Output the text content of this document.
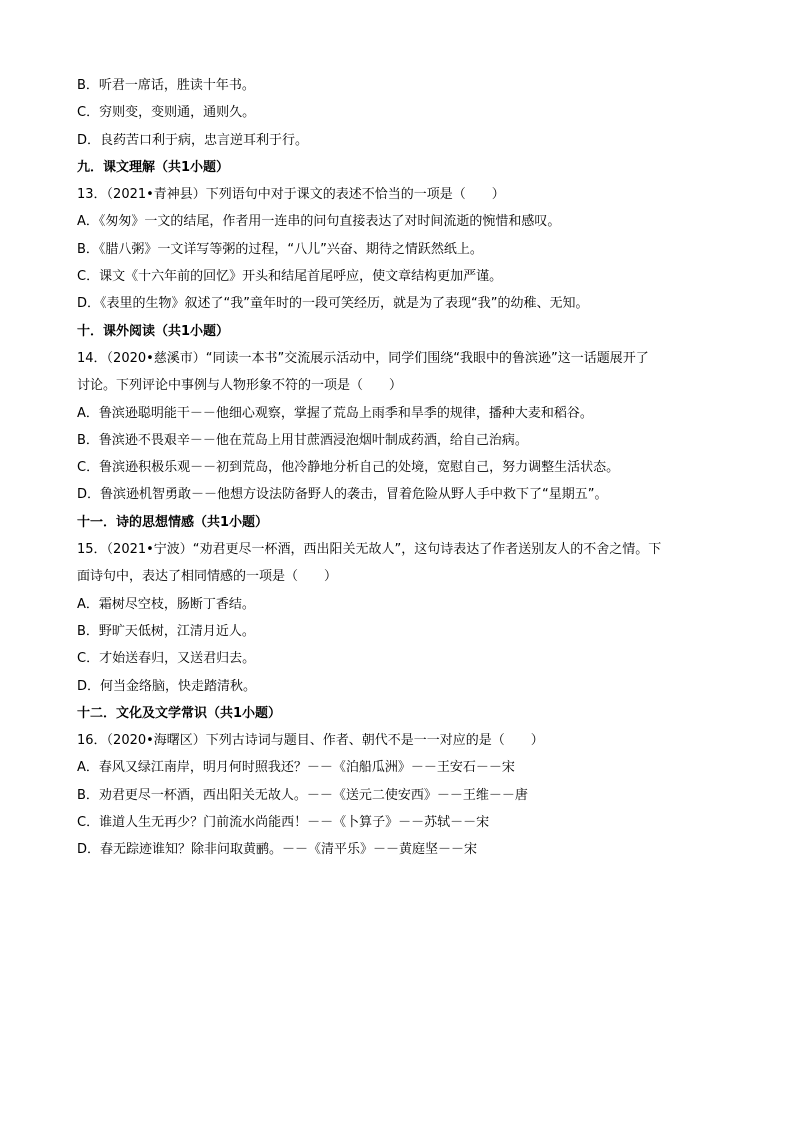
B．听君一席话，胜读十年书。
C．穷则变，变则通，通则久。
D．良药苦口利于病，忠言逆耳利于行。
九．课文理解（共1小题）
13．（2021•青神县）下列语句中对于课文的表述不恰当的一项是（　　）
A．《匆匆》一文的结尾，作者用一连串的问句直接表达了对时间流逝的惋惜和感叹。
B．《腊八粥》一文详写等粥的过程，“八儿”兴奋、期待之情跃然纸上。
C．课文《十六年前的回忆》开头和结尾首尾呼应，使文章结构更加严谨。
D．《表里的生物》叙述了“我”童年时的一段可笑经历，就是为了表现“我”的幼稚、无知。
十．课外阅读（共1小题）
14．（2020•慈溪市）“同读一本书”交流展示活动中，同学们围绕“我眼中的鲁滨逊”这一话题展开了
讨论。下列评论中事例与人物形象不符的一项是（　　）
A．鲁滨逊聪明能干－－他细心观察，掌握了荒岛上雨季和旱季的规律，播种大麦和稻谷。
B．鲁滨逊不畏艰辛－－他在荒岛上用甘蔗酒浸泡烟叶制成药酒，给自己治病。
C．鲁滨逊积极乐观－－初到荒岛，他冷静地分析自己的处境，宽慰自己，努力调整生活状态。
D．鲁滨逊机智勇敢－－他想方设法防备野人的袭击，冒着危险从野人手中救下了“星期五”。
十一．诗的思想情感（共1小题）
15．（2021•宁波）“劝君更尽一杯酒，西出阳关无故人”，这句诗表达了作者送别友人的不舍之情。下
面诗句中，表达了相同情感的一项是（　　）
A．霜树尽空枝，肠断丁香结。
B．野旷天低树，江清月近人。
C．才始送春归，又送君归去。
D．何当金络脑，快走踏清秋。
十二．文化及文学常识（共1小题）
16．（2020•海曙区）下列古诗词与题目、作者、朝代不是一一对应的是（　　）
A．春风又绿江南岸，明月何时照我还？－－《泊船瓜洲》－－王安石－－宋
B．劝君更尽一杯酒，西出阳关无故人。－－《送元二使安西》－－王维－－唐
C．谁道人生无再少？门前流水尚能西！－－《卜算子》－－苏轼－－宋
D．春无踪迹谁知？除非问取黄鹂。－－《清平乐》－－黄庭坚－－宋
